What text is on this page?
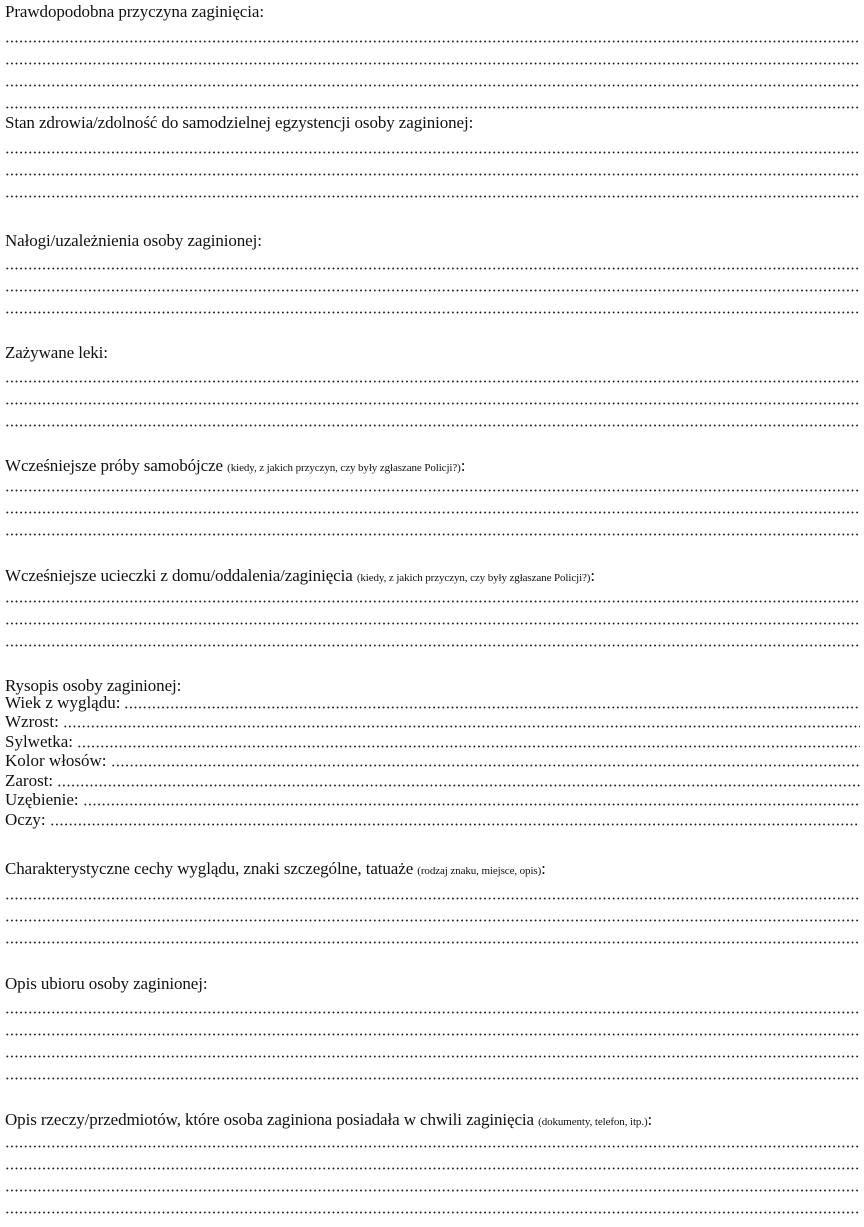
Prawdopodobna przyczyna zaginięcia:
Stan zdrowia/zdolność do samodzielnej egzystencji osoby zaginionej:
Nałogi/uzależnienia osoby zaginionej:
Zażywane leki:
Wcześniejsze próby samobójcze (kiedy, z jakich przyczyn, czy były zgłaszane Policji?):
Wcześniejsze ucieczki z domu/oddalenia/zaginięcia (kiedy, z jakich przyczyn, czy były zgłaszane Policji?):
Rysopis osoby zaginionej:
Wiek z wyglądu:
Wzrost:
Sylwetka:
Kolor włosów:
Zarost:
Uzębienie:
Oczy:
Charakterystyczne cechy wyglądu, znaki szczególne, tatuaże (rodzaj znaku, miejsce, opis):
Opis ubioru osoby zaginionej:
Opis rzeczy/przedmiotów, które osoba zaginiona posiadała w chwili zaginięcia (dokumenty, telefon, itp.):
